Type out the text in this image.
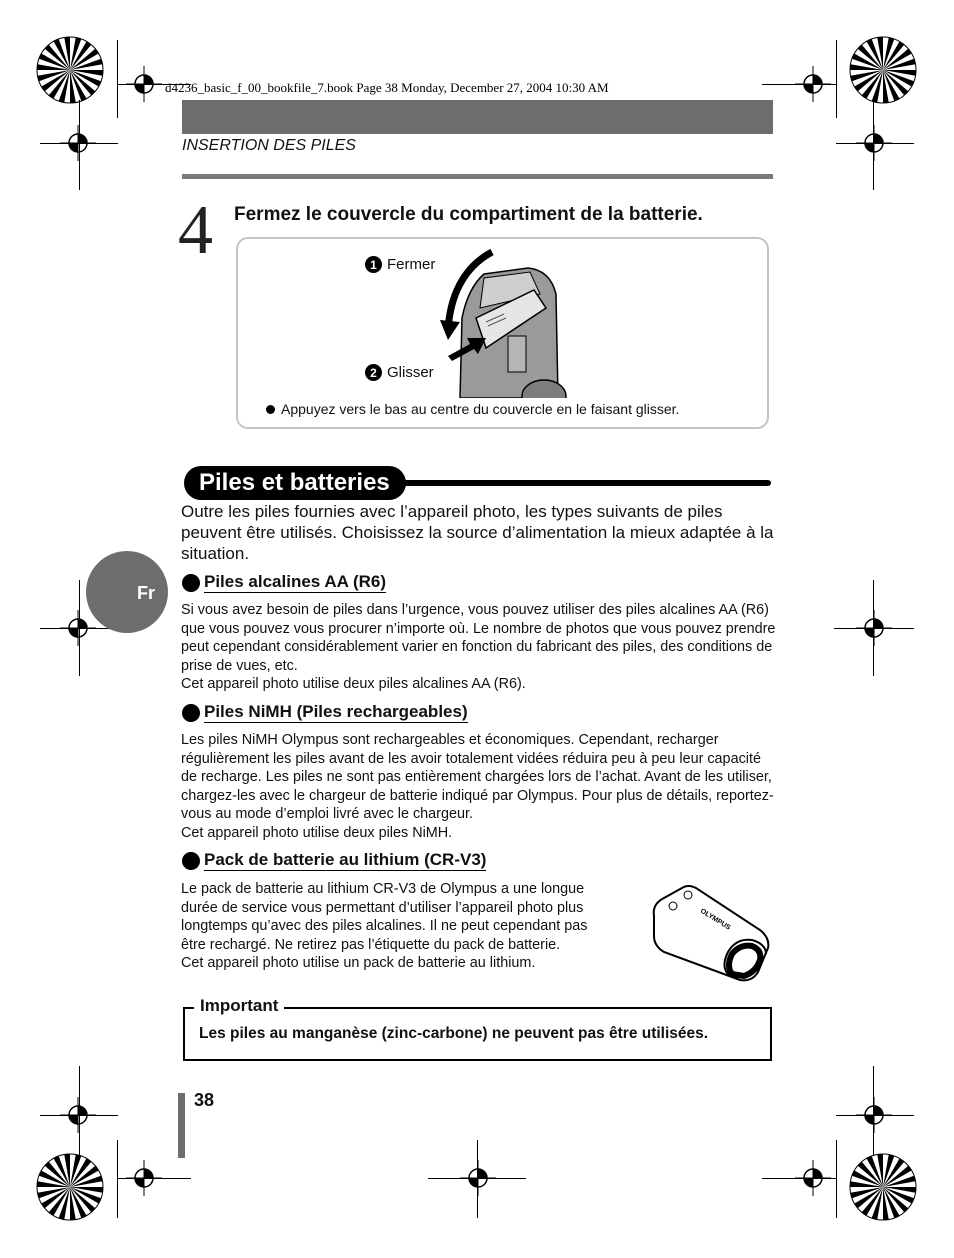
d4236_basic_f_00_bookfile_7.book Page 38 Monday, December 27, 2004 10:30 AM
INSERTION DES PILES
4 Fermez le couvercle du compartiment de la batterie.
1 Fermer
2 Glisser
Appuyez vers le bas au centre du couvercle en le faisant glisser.
Piles et batteries
Outre les piles fournies avec l’appareil photo, les types suivants de piles peuvent être utilisés. Choisissez la source d’alimentation la mieux adaptée à la situation.
Fr
Piles alcalines AA (R6)
Si vous avez besoin de piles dans l’urgence, vous pouvez utiliser des piles alcalines AA (R6) que vous pouvez vous procurer n’importe où. Le nombre de photos que vous pouvez prendre peut cependant considérablement varier en fonction du fabricant des piles, des conditions de prise de vues, etc.
Cet appareil photo utilise deux piles alcalines AA (R6).
Piles NiMH (Piles rechargeables)
Les piles NiMH Olympus sont rechargeables et économiques. Cependant, recharger régulièrement les piles avant de les avoir totalement vidées réduira peu à peu leur capacité de recharge. Les piles ne sont pas entièrement chargées lors de l’achat. Avant de les utiliser, chargez-les avec le chargeur de batterie indiqué par Olympus. Pour plus de détails, reportez-vous au mode d’emploi livré avec le chargeur.
Cet appareil photo utilise deux piles NiMH.
Pack de batterie au lithium (CR-V3)
Le pack de batterie au lithium CR-V3 de Olympus a une longue durée de service vous permettant d’utiliser l’appareil photo plus longtemps qu’avec des piles alcalines. Il ne peut cependant pas être rechargé. Ne retirez pas l’étiquette du pack de batterie.
Cet appareil photo utilise un pack de batterie au lithium.
OLYMPUS
Important
Les piles au manganèse (zinc-carbone) ne peuvent pas être utilisées.
38
